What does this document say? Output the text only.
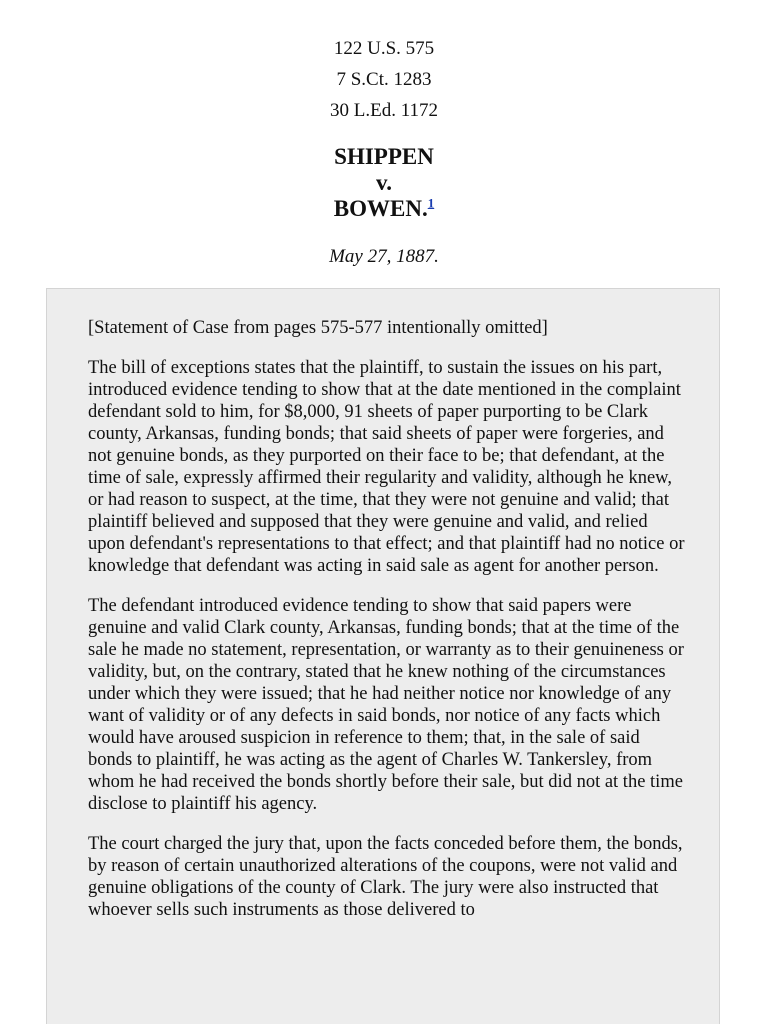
122 U.S. 575
7 S.Ct. 1283
30 L.Ed. 1172
SHIPPEN
v.
BOWEN.$^1$
May 27, 1887.

[Statement of Case from pages 575-577 intentionally omitted]

The bill of exceptions states that the plaintiff, to sustain the issues on his part, introduced evidence tending to show that at the date mentioned in the complaint defendant sold to him, for $8,000, 91 sheets of paper purporting to be Clark county, Arkansas, funding bonds; that said sheets of paper were forgeries, and not genuine bonds, as they purported on their face to be; that defendant, at the time of sale, expressly affirmed their regularity and validity, although he knew, or had reason to suspect, at the time, that they were not genuine and valid; that plaintiff believed and supposed that they were genuine and valid, and relied upon defendant's representations to that effect; and that plaintiff had no notice or knowledge that defendant was acting in said sale as agent for another person.

The defendant introduced evidence tending to show that said papers were genuine and valid Clark county, Arkansas, funding bonds; that at the time of the sale he made no statement, representation, or warranty as to their genuineness or validity, but, on the contrary, stated that he knew nothing of the circumstances under which they were issued; that he had neither notice nor knowledge of any want of validity or of any defects in said bonds, nor notice of any facts which would have aroused suspicion in reference to them; that, in the sale of said bonds to plaintiff, he was acting as the agent of Charles W. Tankersley, from whom he had received the bonds shortly before their sale, but did not at the time disclose to plaintiff his agency.

The court charged the jury that, upon the facts conceded before them, the bonds, by reason of certain unauthorized alterations of the coupons, were not valid and genuine obligations of the county of Clark. The jury were also instructed that whoever sells such instruments as those delivered to
